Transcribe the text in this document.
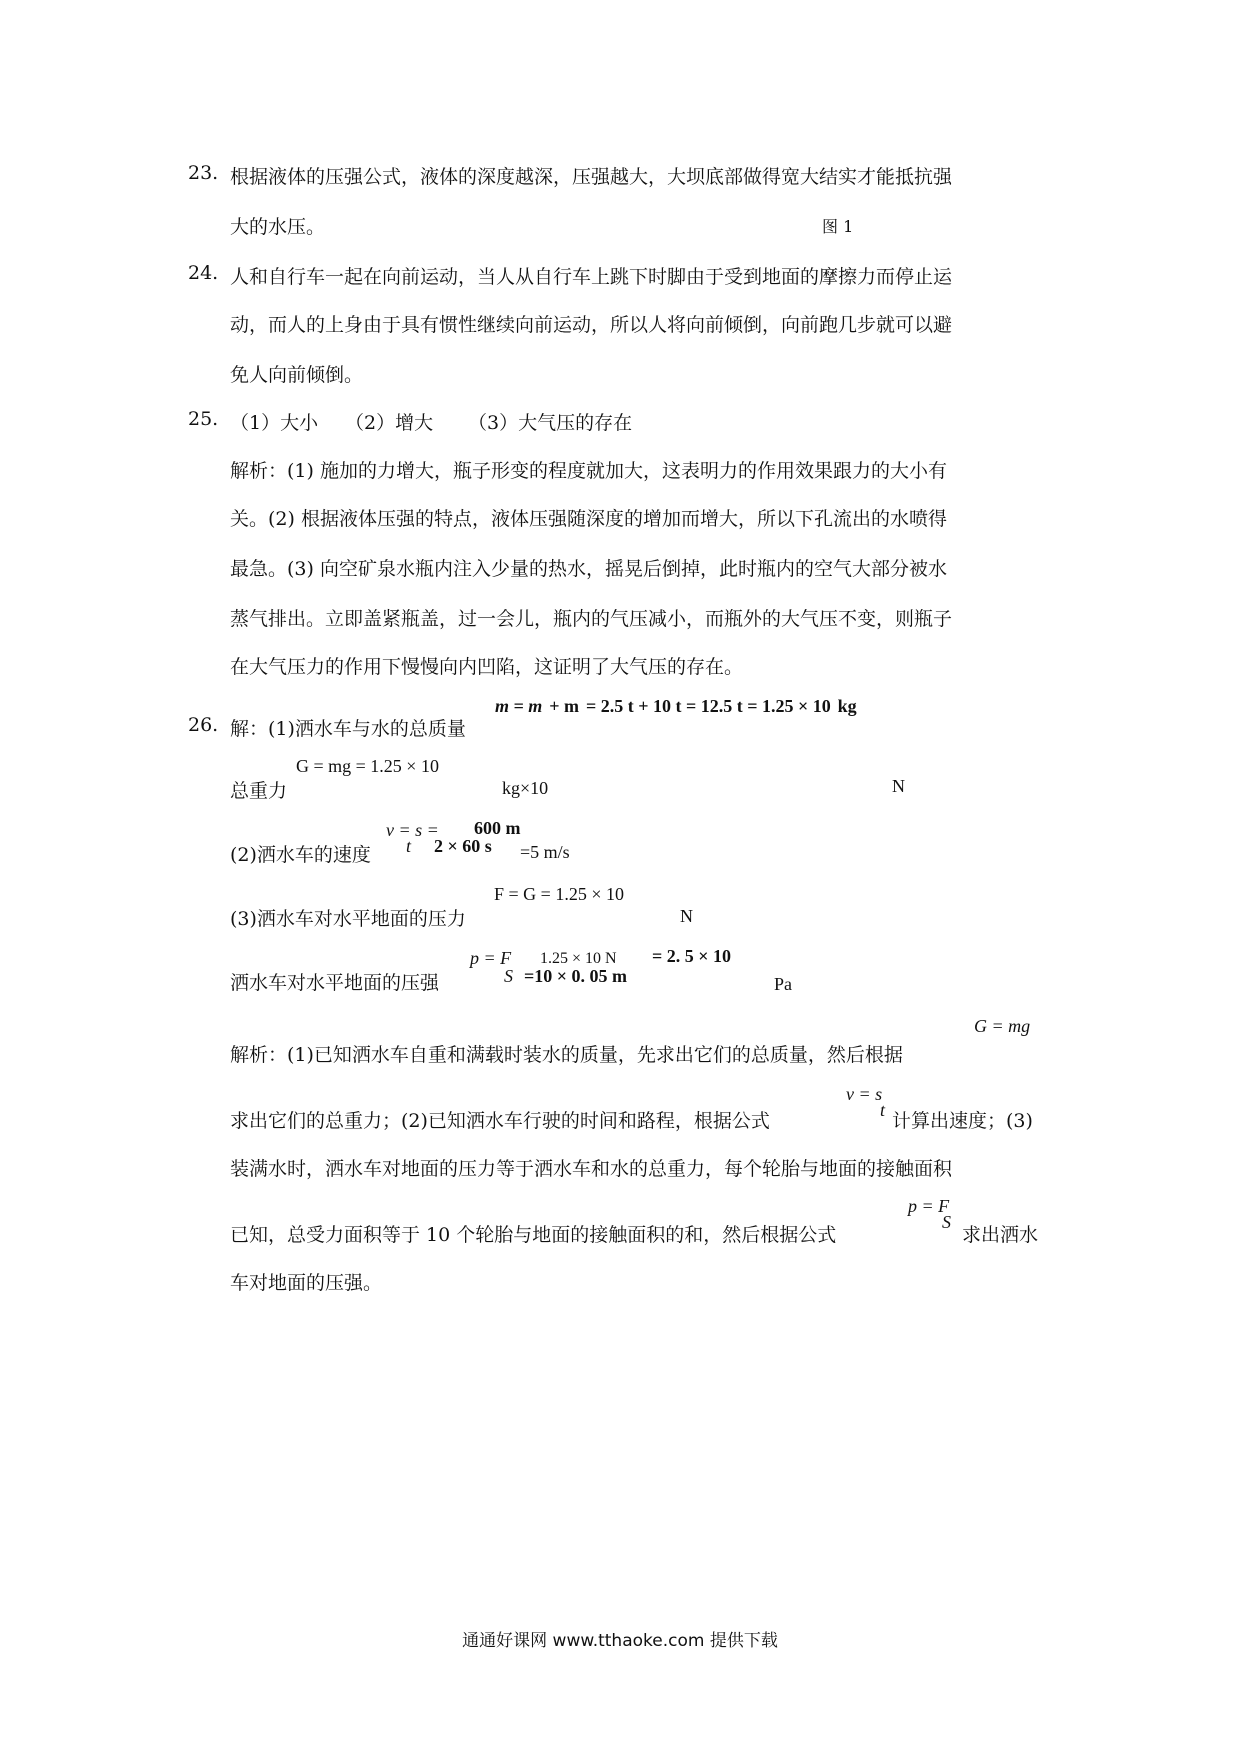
23. 根据液体的压强公式，液体的深度越深，压强越大，大坝底部做得宽大结实才能抵抗强
大的水压。	图 1
24. 人和自行车一起在向前运动，当人从自行车上跳下时脚由于受到地面的摩擦力而停止运
动，而人的上身由于具有惯性继续向前运动，所以人将向前倾倒，向前跑几步就可以避
免人向前倾倒。
25. （1）大小 （2）增大 （3）大气压的存在
解析：(1) 施加的力增大，瓶子形变的程度就加大，这表明力的作用效果跟力的大小有
关。(2) 根据液体压强的特点，液体压强随深度的增加而增大，所以下孔流出的水喷得
最急。(3) 向空矿泉水瓶内注入少量的热水，摇晃后倒掉，此时瓶内的空气大部分被水
蒸气排出。立即盖紧瓶盖，过一会儿，瓶内的气压减小，而瓶外的大气压不变，则瓶子
在大气压力的作用下慢慢向内凹陷，这证明了大气压的存在。
26. 解：(1)洒水车与水的总质量
m = m + m = 2.5 t + 10 t = 12.5 t = 1.25 × 10 kg
总重力
G = mg = 1.25 × 10
kg×10	N
(2)洒水车的速度
v = s = 600 m
t 2 × 60 s =5 m/s
(3)洒水车对水平地面的压力
F = G = 1.25 × 10
N
洒水车对水平地面的压强
p = F 1.25 × 10 N = 2. 5 × 10
S =10 × 0. 05 m	Pa
解析：(1)已知洒水车自重和满载时装水的质量，先求出它们的总质量，然后根据
G = mg
求出它们的总重力；(2)已知洒水车行驶的时间和路程，根据公式
v = s
t 计算出速度；(3)
装满水时，洒水车对地面的压力等于洒水车和水的总重力，每个轮胎与地面的接触面积
已知，总受力面积等于 10 个轮胎与地面的接触面积的和，然后根据公式
p = F
S
求出洒水
车对地面的压强。
通通好课网 www.tthaoke.com 提供下载
